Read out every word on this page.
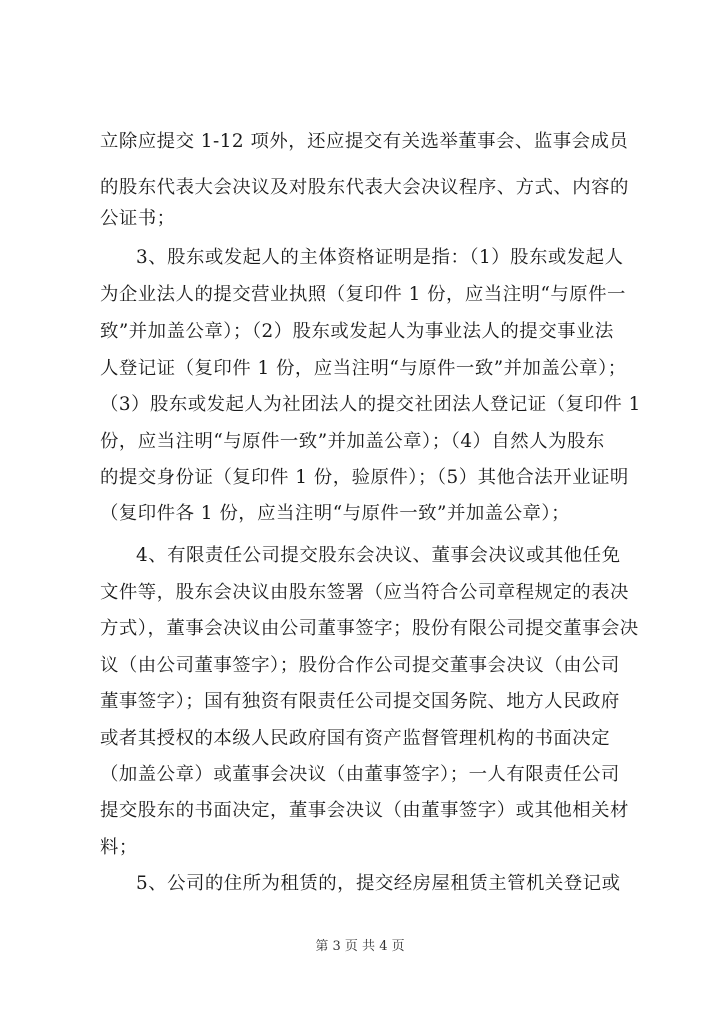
立除应提交 1-12 项外，还应提交有关选举董事会、监事会成员
的股东代表大会决议及对股东代表大会决议程序、方式、内容的
公证书；
3、股东或发起人的主体资格证明是指：（1）股东或发起人
为企业法人的提交营业执照（复印件 1 份，应当注明“与原件一
致”并加盖公章）；（2）股东或发起人为事业法人的提交事业法
人登记证（复印件 1 份，应当注明“与原件一致”并加盖公章）；
（3）股东或发起人为社团法人的提交社团法人登记证（复印件 1
份，应当注明“与原件一致”并加盖公章）；（4）自然人为股东
的提交身份证（复印件 1 份，验原件）；（5）其他合法开业证明
（复印件各 1 份，应当注明“与原件一致”并加盖公章）；
4、有限责任公司提交股东会决议、董事会决议或其他任免
文件等，股东会决议由股东签署（应当符合公司章程规定的表决
方式），董事会决议由公司董事签字；股份有限公司提交董事会决
议（由公司董事签字）；股份合作公司提交董事会决议（由公司
董事签字）；国有独资有限责任公司提交国务院、地方人民政府
或者其授权的本级人民政府国有资产监督管理机构的书面决定
（加盖公章）或董事会决议（由董事签字）；一人有限责任公司
提交股东的书面决定，董事会决议（由董事签字）或其他相关材
料；
5、公司的住所为租赁的，提交经房屋租赁主管机关登记或
第 3 页 共 4 页
